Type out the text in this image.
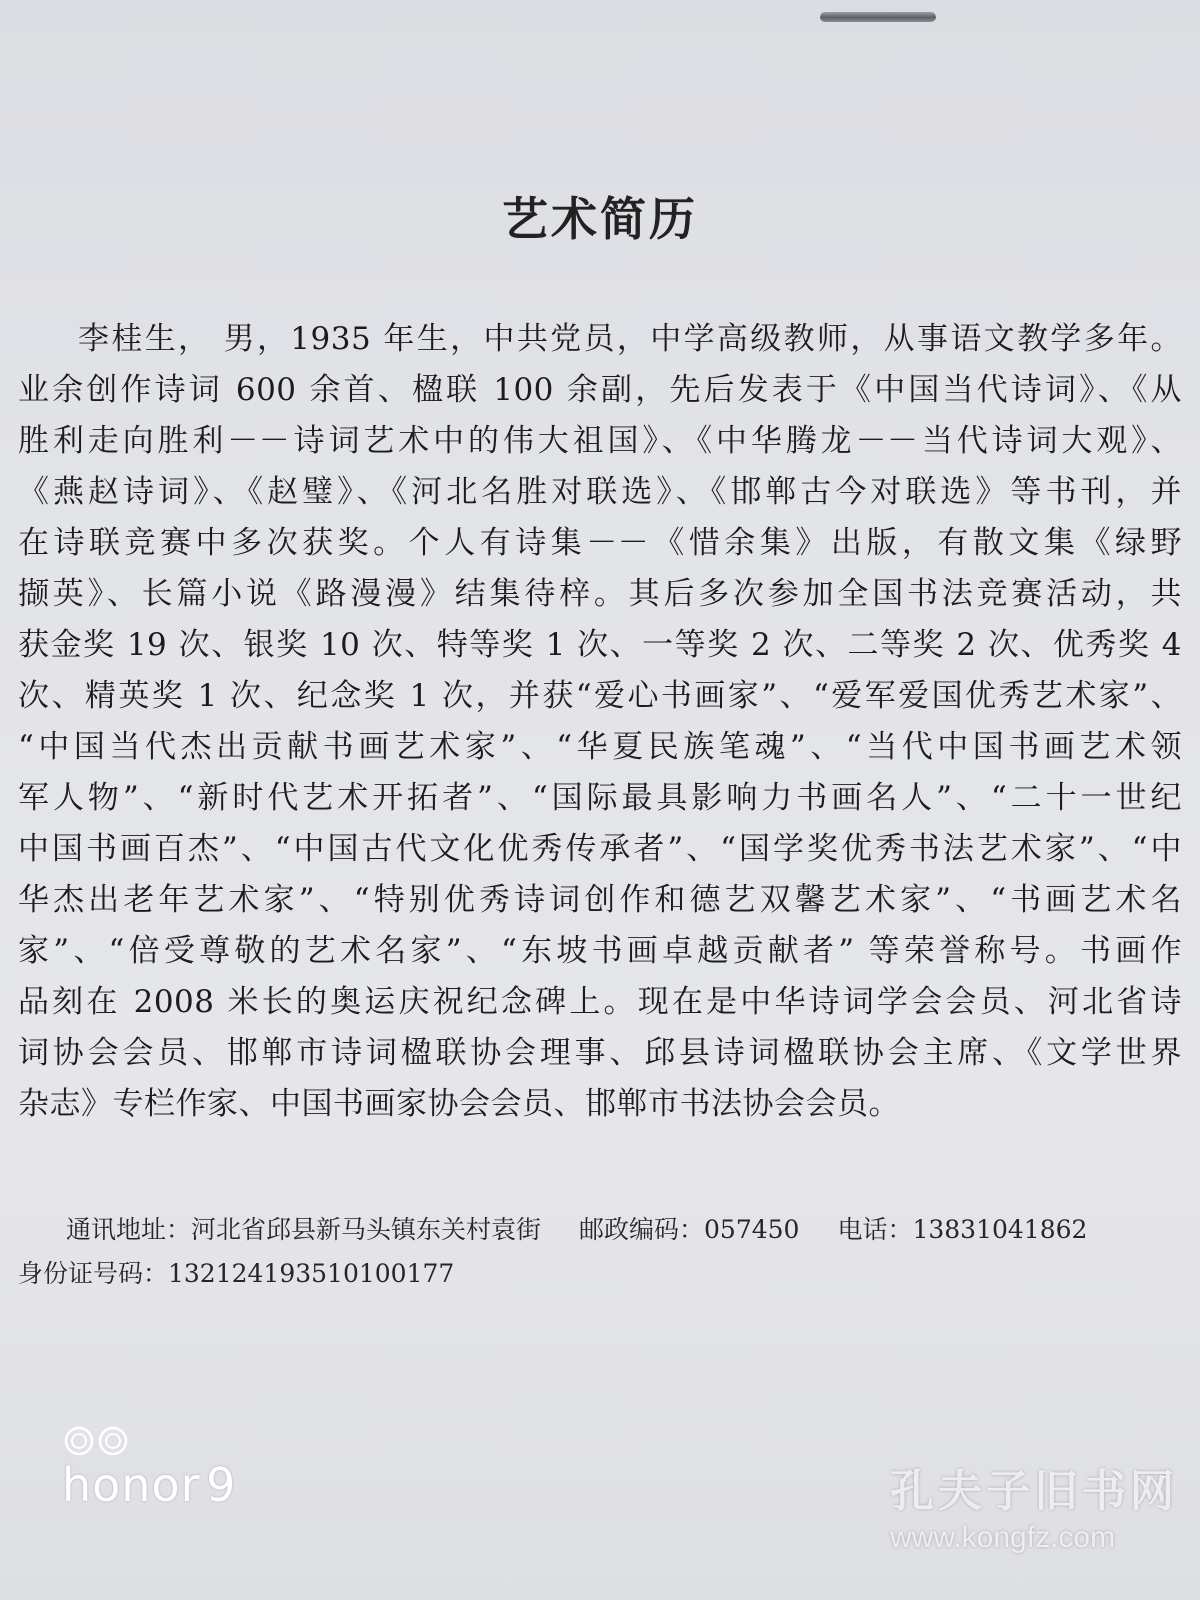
艺术简历
李桂生， 男，1935 年生，中共党员，中学高级教师，从事语文教学多年。
业余创作诗词 600 余首、楹联 100 余副，先后发表于《中国当代诗词》、《从
胜利走向胜利－－诗词艺术中的伟大祖国》、《中华腾龙－－当代诗词大观》、
《燕赵诗词》、《赵璧》、《河北名胜对联选》、《邯郸古今对联选》等书刊，并
在诗联竞赛中多次获奖。个人有诗集－－《惜余集》出版，有散文集《绿野
撷英》、长篇小说《路漫漫》结集待梓。其后多次参加全国书法竞赛活动，共
获金奖 19 次、银奖 10 次、特等奖 1 次、一等奖 2 次、二等奖 2 次、优秀奖 4
次、精英奖 1 次、纪念奖 1 次，并获“爱心书画家”、“爱军爱国优秀艺术家”、
“中国当代杰出贡献书画艺术家”、“华夏民族笔魂”、“当代中国书画艺术领
军人物”、“新时代艺术开拓者”、“国际最具影响力书画名人”、“二十一世纪
中国书画百杰”、“中国古代文化优秀传承者”、“国学奖优秀书法艺术家”、“中
华杰出老年艺术家”、“特别优秀诗词创作和德艺双馨艺术家”、“书画艺术名
家”、“倍受尊敬的艺术名家”、“东坡书画卓越贡献者” 等荣誉称号。书画作
品刻在 2008 米长的奥运庆祝纪念碑上。现在是中华诗词学会会员、河北省诗
词协会会员、邯郸市诗词楹联协会理事、邱县诗词楹联协会主席、《文学世界
杂志》专栏作家、中国书画家协会会员、邯郸市书法协会会员。
通讯地址：河北省邱县新马头镇东关村袁街 邮政编码：057450 电话：13831041862
身份证号码：132124193510100177
honor  9	孔夫子旧书网
www.kongfz.com
